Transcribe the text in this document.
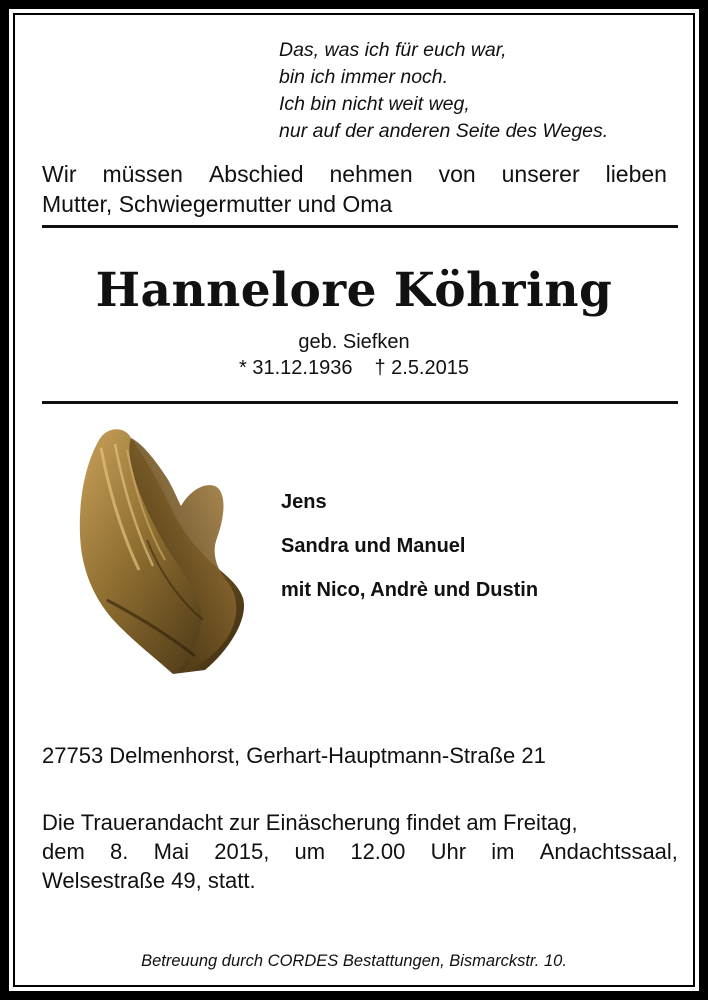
Das, was ich für euch war,
bin ich immer noch.
Ich bin nicht weit weg,
nur auf der anderen Seite des Weges.
Wir müssen Abschied nehmen von unserer lieben
Mutter, Schwiegermutter und Oma
Hannelore Köhring
geb. Siefken
* 31.12.1936 † 2.5.2015
Jens
Sandra und Manuel
mit Nico, Andrè und Dustin
27753 Delmenhorst, Gerhart-Hauptmann-Straße 21
Die Trauerandacht zur Einäscherung findet am Freitag,
dem 8. Mai 2015, um 12.00 Uhr im Andachtssaal,
Welsestraße 49, statt.
Betreuung durch CORDES Bestattungen, Bismarckstr. 10.
